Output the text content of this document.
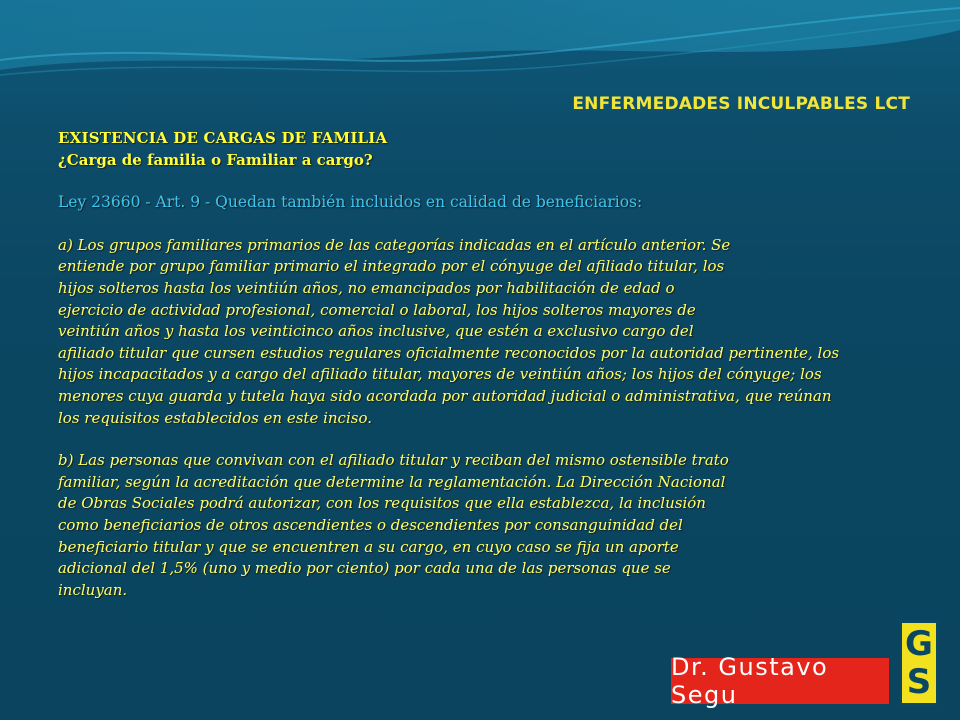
ENFERMEDADES INCULPABLES LCT

EXISTENCIA DE CARGAS DE FAMILIA

¿Carga de familia o Familiar a cargo?

Ley 23660 - Art. 9 - Quedan también incluidos en calidad de beneficiarios:

a) Los grupos familiares primarios de las categorías indicadas en el artículo anterior. Se

entiende por grupo familiar primario el integrado por el cónyuge del afiliado titular, los

hijos solteros hasta los veintiún años, no emancipados por habilitación de edad o

ejercicio de actividad profesional, comercial o laboral, los hijos solteros mayores de

veintiún años y hasta los veinticinco años inclusive, que estén a exclusivo cargo del

afiliado titular que cursen estudios regulares oficialmente reconocidos por la autoridad pertinente, los

hijos incapacitados y a cargo del afiliado titular, mayores de veintiún años; los hijos del cónyuge; los

menores cuya guarda y tutela haya sido acordada por autoridad judicial o administrativa, que reúnan

los requisitos establecidos en este inciso.

b) Las personas que convivan con el afiliado titular y reciban del mismo ostensible trato

familiar, según la acreditación que determine la reglamentación. La Dirección Nacional

de Obras Sociales podrá autorizar, con los requisitos que ella establezca, la inclusión

como beneficiarios de otros ascendientes o descendientes por consanguinidad del

beneficiario titular y que se encuentren a su cargo, en cuyo caso se fija un aporte

adicional del 1,5% (uno y medio por ciento) por cada una de las personas que se

incluyan.

Dr. Gustavo Segu
G
S
